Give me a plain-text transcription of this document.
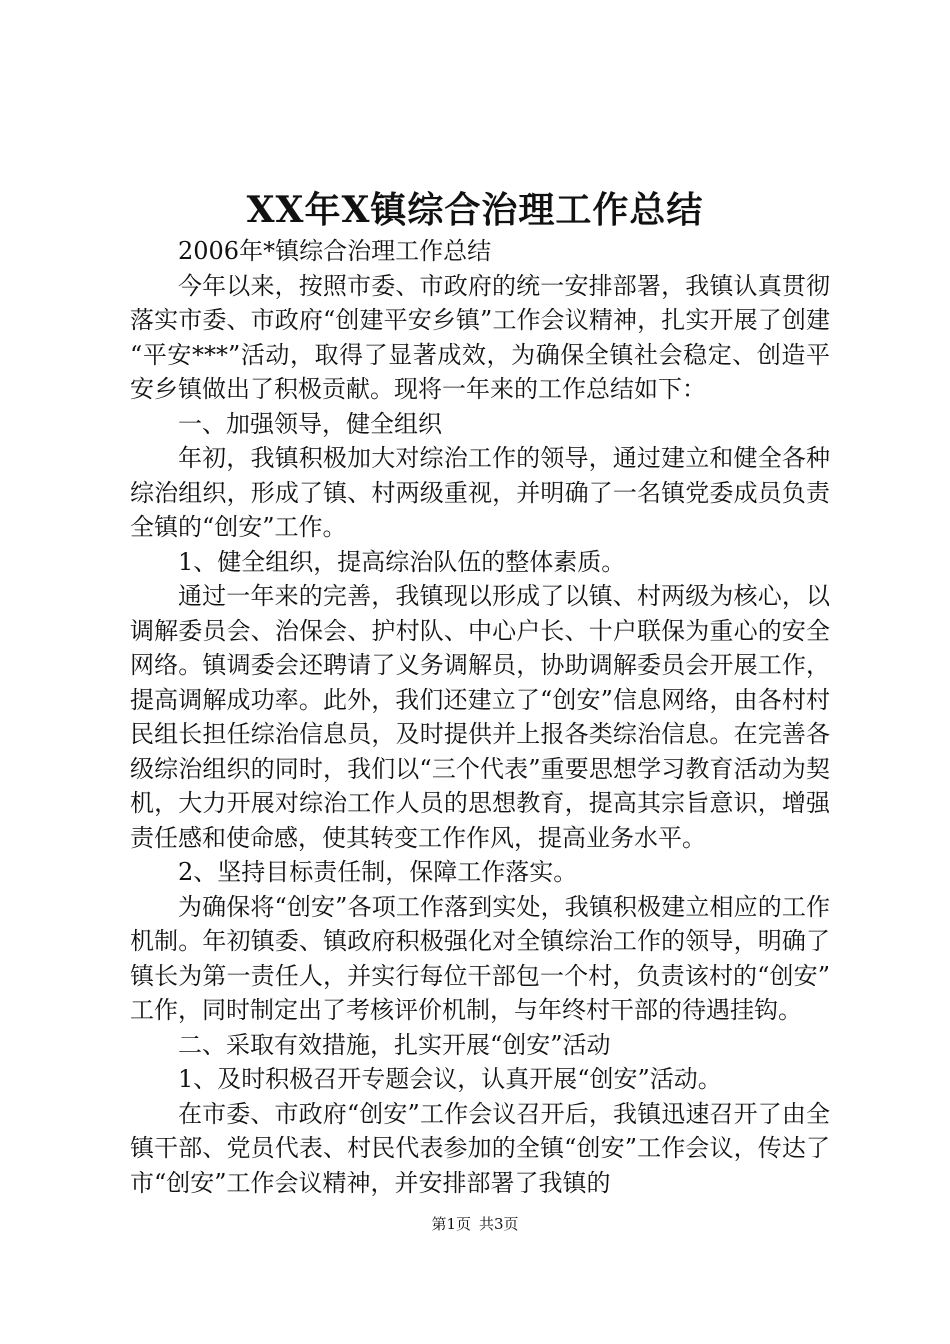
XX年X镇综合治理工作总结

2006年*镇综合治理工作总结

今年以来，按照市委、市政府的统一安排部署，我镇认真贯彻落实市委、市政府“创建平安乡镇”工作会议精神，扎实开展了创建“平安***”活动，取得了显著成效，为确保全镇社会稳定、创造平安乡镇做出了积极贡献。现将一年来的工作总结如下：

一、加强领导，健全组织

年初，我镇积极加大对综治工作的领导，通过建立和健全各种综治组织，形成了镇、村两级重视，并明确了一名镇党委成员负责全镇的“创安”工作。

1、健全组织，提高综治队伍的整体素质。

通过一年来的完善，我镇现以形成了以镇、村两级为核心，以调解委员会、治保会、护村队、中心户长、十户联保为重心的安全网络。镇调委会还聘请了义务调解员，协助调解委员会开展工作，提高调解成功率。此外，我们还建立了“创安”信息网络，由各村村民组长担任综治信息员，及时提供并上报各类综治信息。在完善各级综治组织的同时，我们以“三个代表”重要思想学习教育活动为契机，大力开展对综治工作人员的思想教育，提高其宗旨意识，增强责任感和使命感，使其转变工作作风，提高业务水平。

2、坚持目标责任制，保障工作落实。

为确保将“创安”各项工作落到实处，我镇积极建立相应的工作机制。年初镇委、镇政府积极强化对全镇综治工作的领导，明确了镇长为第一责任人，并实行每位干部包一个村，负责该村的“创安”工作，同时制定出了考核评价机制，与年终村干部的待遇挂钩。

二、采取有效措施，扎实开展“创安”活动

1、及时积极召开专题会议，认真开展“创安”活动。

在市委、市政府“创安”工作会议召开后，我镇迅速召开了由全镇干部、党员代表、村民代表参加的全镇“创安”工作会议，传达了市“创安”工作会议精神，并安排部署了我镇的

第1页 共3页
